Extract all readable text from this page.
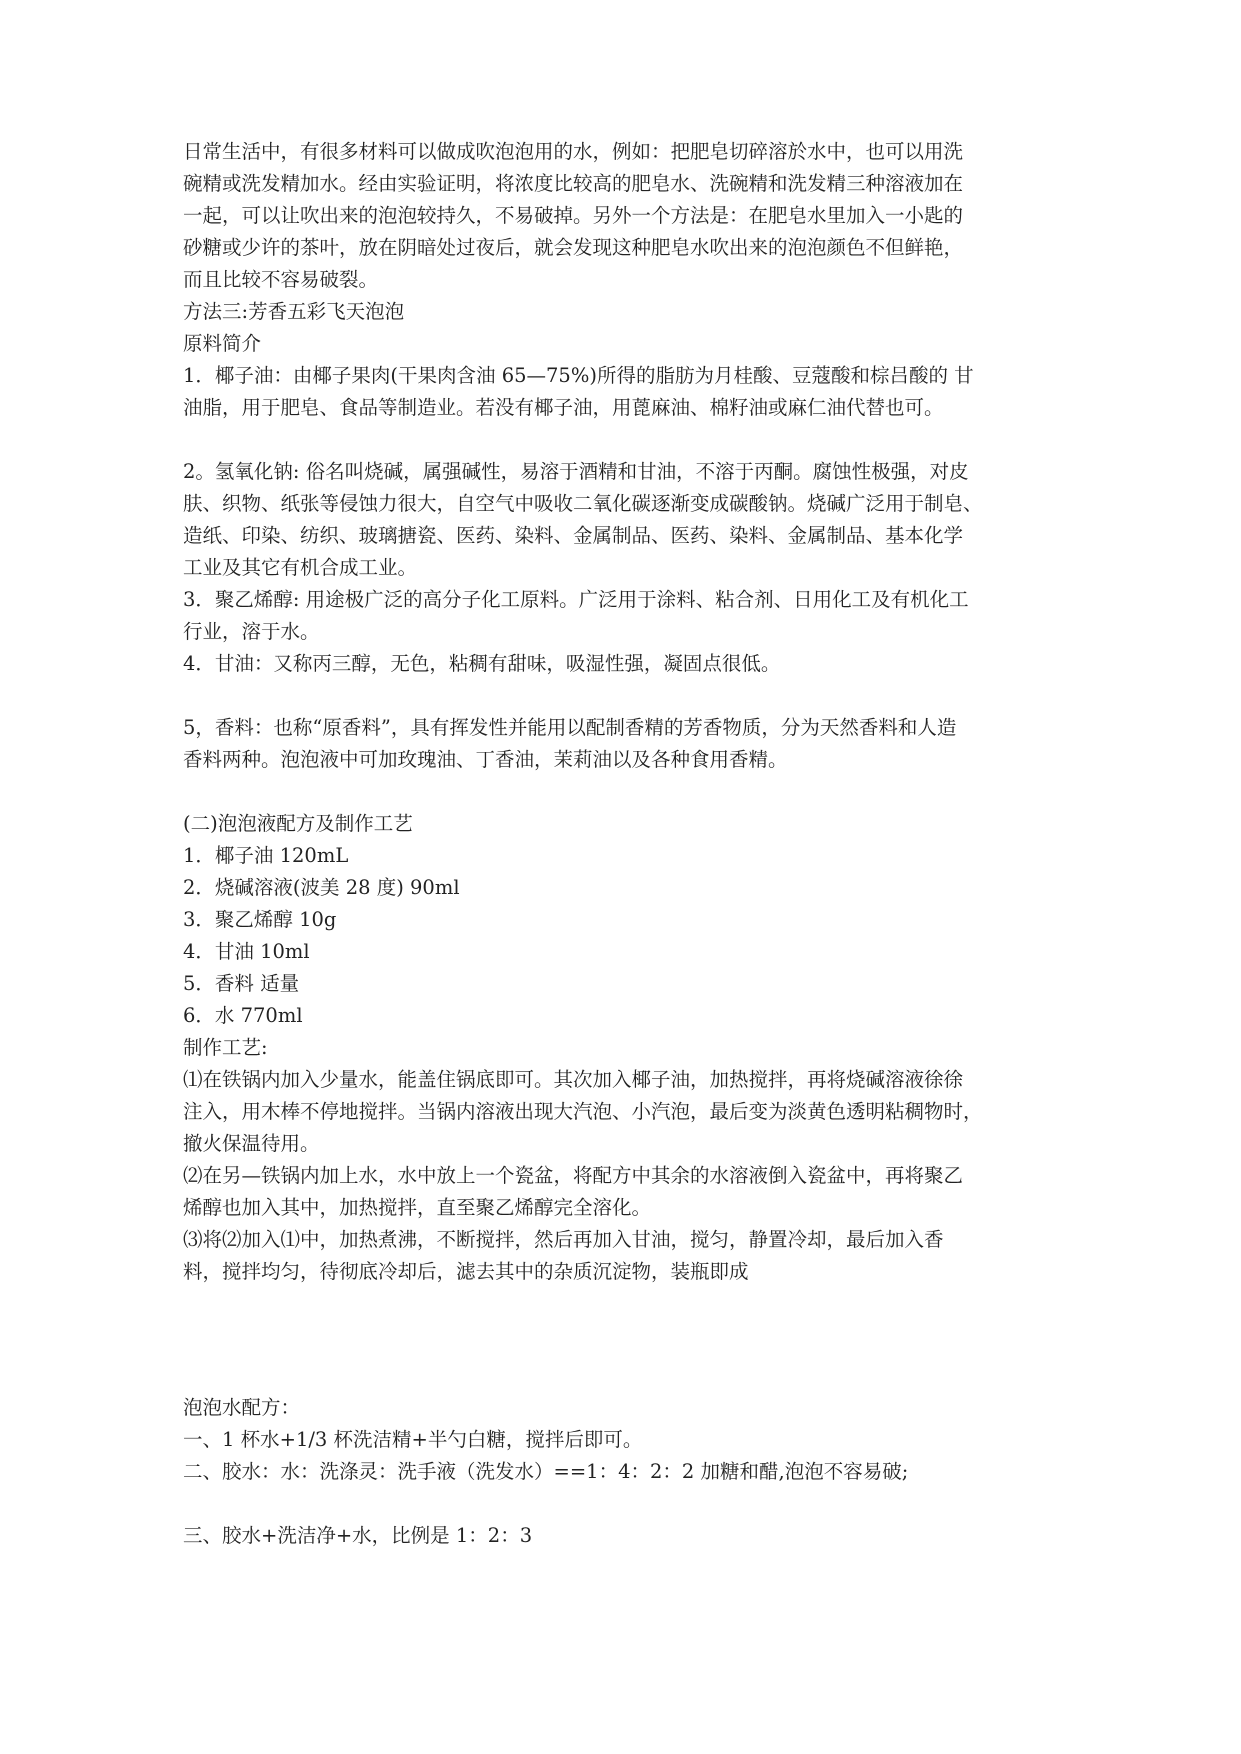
日常生活中，有很多材料可以做成吹泡泡用的水，例如：把肥皂切碎溶於水中，也可以用洗
碗精或洗发精加水。经由实验证明，将浓度比较高的肥皂水、洗碗精和洗发精三种溶液加在
一起，可以让吹出来的泡泡较持久，不易破掉。另外一个方法是：在肥皂水里加入一小匙的
砂糖或少许的茶叶，放在阴暗处过夜后，就会发现这种肥皂水吹出来的泡泡颜色不但鲜艳，
而且比较不容易破裂。
方法三:芳香五彩飞天泡泡
原料简介
1．椰子油：由椰子果肉(干果肉含油 65—75%)所得的脂肪为月桂酸、豆蔻酸和棕吕酸的 甘
油脂，用于肥皂、食品等制造业。若没有椰子油，用蓖麻油、棉籽油或麻仁油代替也可。
2。氢氧化钠: 俗名叫烧碱，属强碱性，易溶于酒精和甘油，不溶于丙酮。腐蚀性极强，对皮
肤、织物、纸张等侵蚀力很大，自空气中吸收二氧化碳逐渐变成碳酸钠。烧碱广泛用于制皂、
造纸、印染、纺织、玻璃搪瓷、医药、染料、金属制品、医药、染料、金属制品、基本化学
工业及其它有机合成工业。
3．聚乙烯醇: 用途极广泛的高分子化工原料。广泛用于涂料、粘合剂、日用化工及有机化工
行业，溶于水。
4．甘油：又称丙三醇，无色，粘稠有甜味，吸湿性强，凝固点很低。
5，香料：也称“原香料”，具有挥发性并能用以配制香精的芳香物质，分为天然香料和人造
香料两种。泡泡液中可加玫瑰油、丁香油，茉莉油以及各种食用香精。
(二)泡泡液配方及制作工艺
1．椰子油 120mL
2．烧碱溶液(波美 28 度) 90ml
3．聚乙烯醇 10g
4．甘油 10ml
5．香料 适量
6．水 770ml
制作工艺:
⑴在铁锅内加入少量水，能盖住锅底即可。其次加入椰子油，加热搅拌，再将烧碱溶液徐徐
注入，用木棒不停地搅拌。当锅内溶液出现大汽泡、小汽泡，最后变为淡黄色透明粘稠物时，
撤火保温待用。
⑵在另—铁锅内加上水，水中放上一个瓷盆，将配方中其余的水溶液倒入瓷盆中，再将聚乙
烯醇也加入其中，加热搅拌，直至聚乙烯醇完全溶化。
⑶将⑵加入⑴中，加热煮沸，不断搅拌，然后再加入甘油，搅匀，静置冷却，最后加入香
料，搅拌均匀，待彻底冷却后，滤去其中的杂质沉淀物，装瓶即成
泡泡水配方：
一、1 杯水+1/3 杯洗洁精+半勺白糖，搅拌后即可。
二、胶水：水：洗涤灵：洗手液（洗发水）==1：4：2：2 加糖和醋,泡泡不容易破;
三、胶水+洗洁净+水，比例是 1：2：3
